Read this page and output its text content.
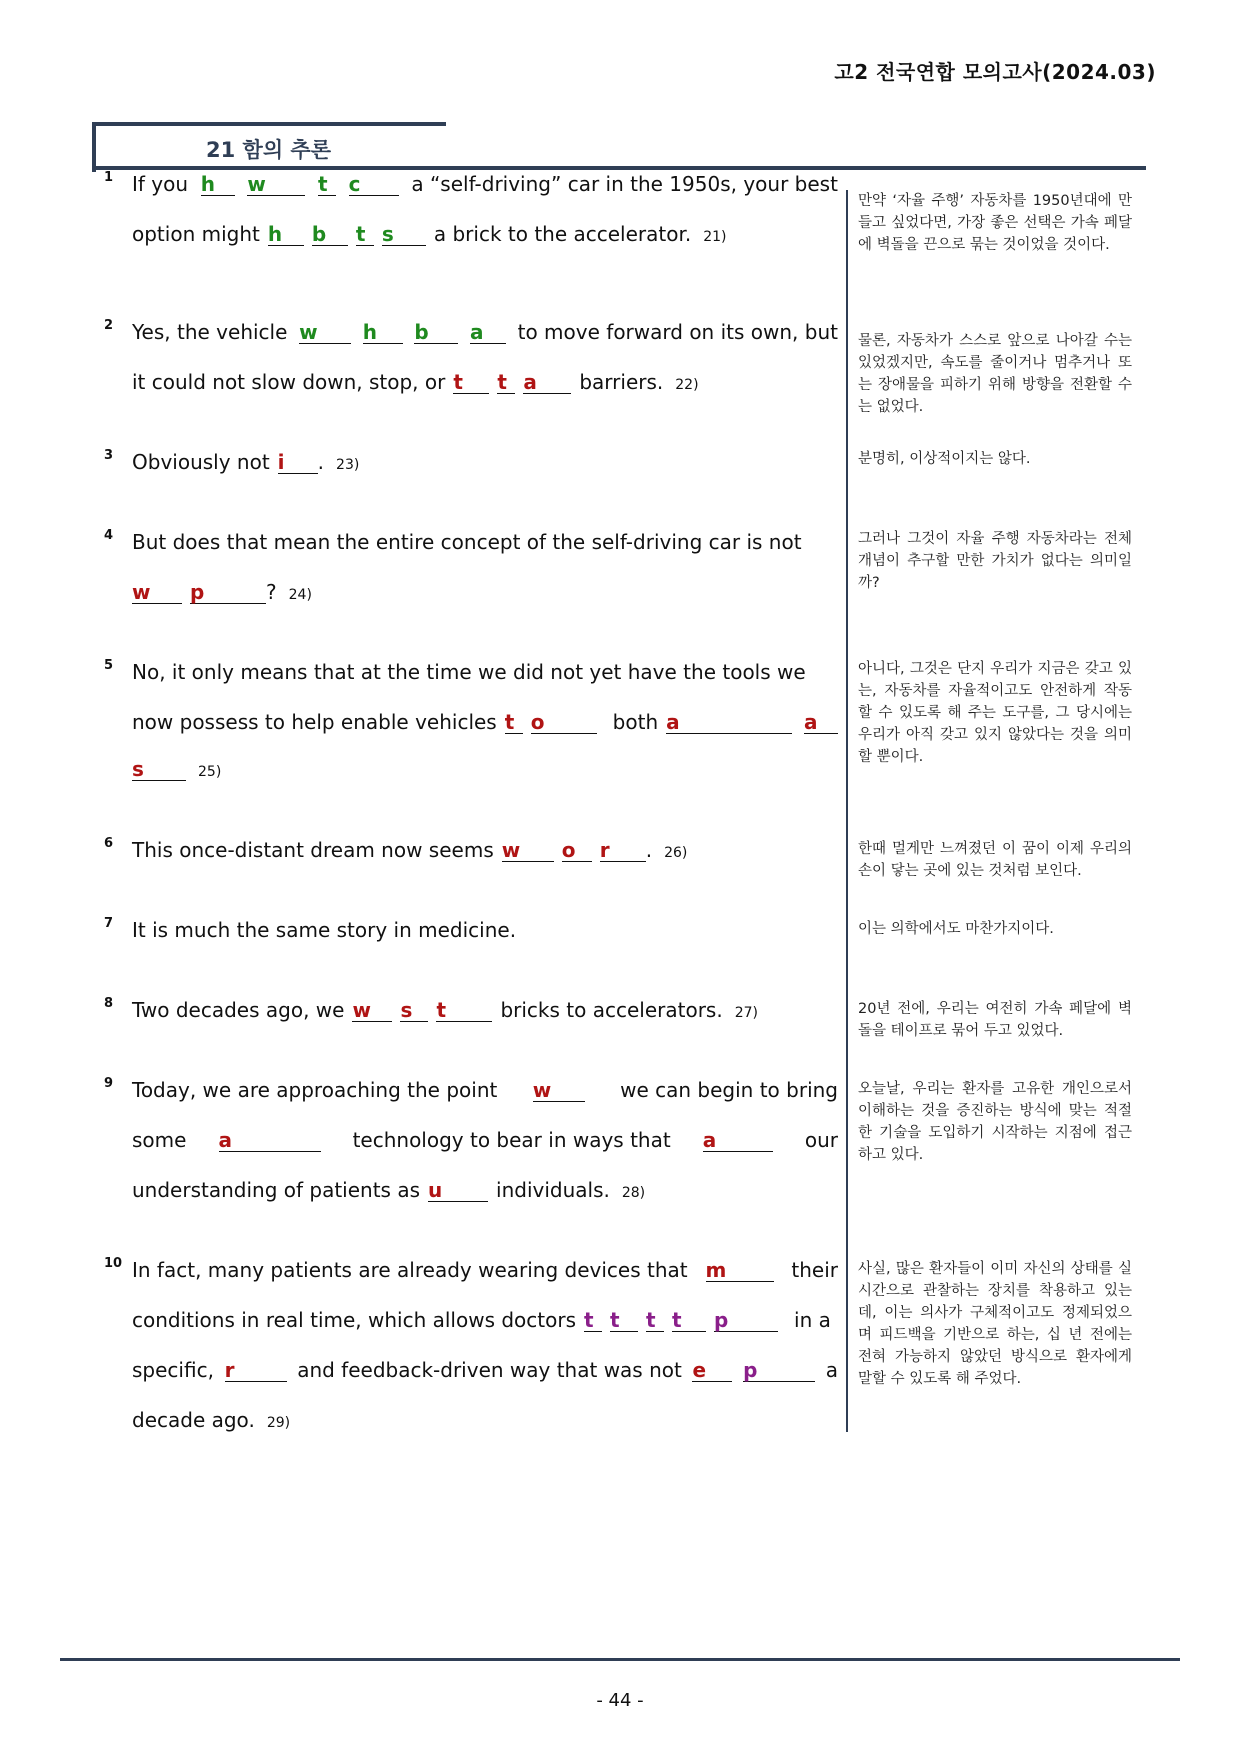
고2 전국연합 모의고사(2024.03)
21 함의 추론
1 If you h	w	t	c	a “self-driving” car in the 1950s, your best
option might h	b	t s	a brick to the accelerator. 21)
만약 ‘자율 주행’ 자동차를 1950년대에 만들고 싶었다면, 가장 좋은 선택은 가속 페달에 벽돌을 끈으로 묶는 것이었을 것이다.
2 Yes, the vehicle w	h	b	a	to move forward on its own, but
it could not slow down, stop, or t	t a	barriers. 22)
물론, 자동차가 스스로 앞으로 나아갈 수는 있었겠지만, 속도를 줄이거나 멈추거나 또는 장애물을 피하기 위해 방향을 전환할 수는 없었다.
3 Obviously not i	. 23)	분명히, 이상적이지는 않다.
4 But does that mean the entire concept of the self-driving car is not
w	p	? 24)
그러나 그것이 자율 주행 자동차라는 전체 개념이 추구할 만한 가치가 없다는 의미일까?
5 No, it only means that at the time we did not yet have the tools we
now possess to help enable vehicles t o	both a	a
s	25)
아니다, 그것은 단지 우리가 지금은 갖고 있는, 자동차를 자율적이고도 안전하게 작동할 수 있도록 해 주는 도구를, 그 당시에는 우리가 아직 갖고 있지 않았다는 것을 의미할 뿐이다.
6 This once-distant dream now seems w	o	r	. 26)	한때 멀게만 느껴졌던 이 꿈이 이제 우리의 손이 닿는 곳에 있는 것처럼 보인다.
7 It is much the same story in medicine.	이는 의학에서도 마찬가지이다.
8 Two decades ago, we w	s	t	bricks to accelerators. 27)	20년 전에, 우리는 여전히 가속 페달에 벽돌을 테이프로 묶어 두고 있었다.
9 Today, we are approaching the point w	we can begin to bring
some a	technology to bear in ways that a	our
understanding of patients as u	individuals. 28)
오늘날, 우리는 환자를 고유한 개인으로서 이해하는 것을 증진하는 방식에 맞는 적절한 기술을 도입하기 시작하는 지점에 접근하고 있다.
10 In fact, many patients are already wearing devices that m	their
conditions in real time, which allows doctors t t	t t	p	in a
specific, r	and feedback-driven way that was not e	p	a
decade ago. 29)
사실, 많은 환자들이 이미 자신의 상태를 실시간으로 관찰하는 장치를 착용하고 있는데, 이는 의사가 구체적이고도 정제되었으며 피드백을 기반으로 하는, 십 년 전에는 전혀 가능하지 않았던 방식으로 환자에게 말할 수 있도록 해 주었다.
- 44 -
